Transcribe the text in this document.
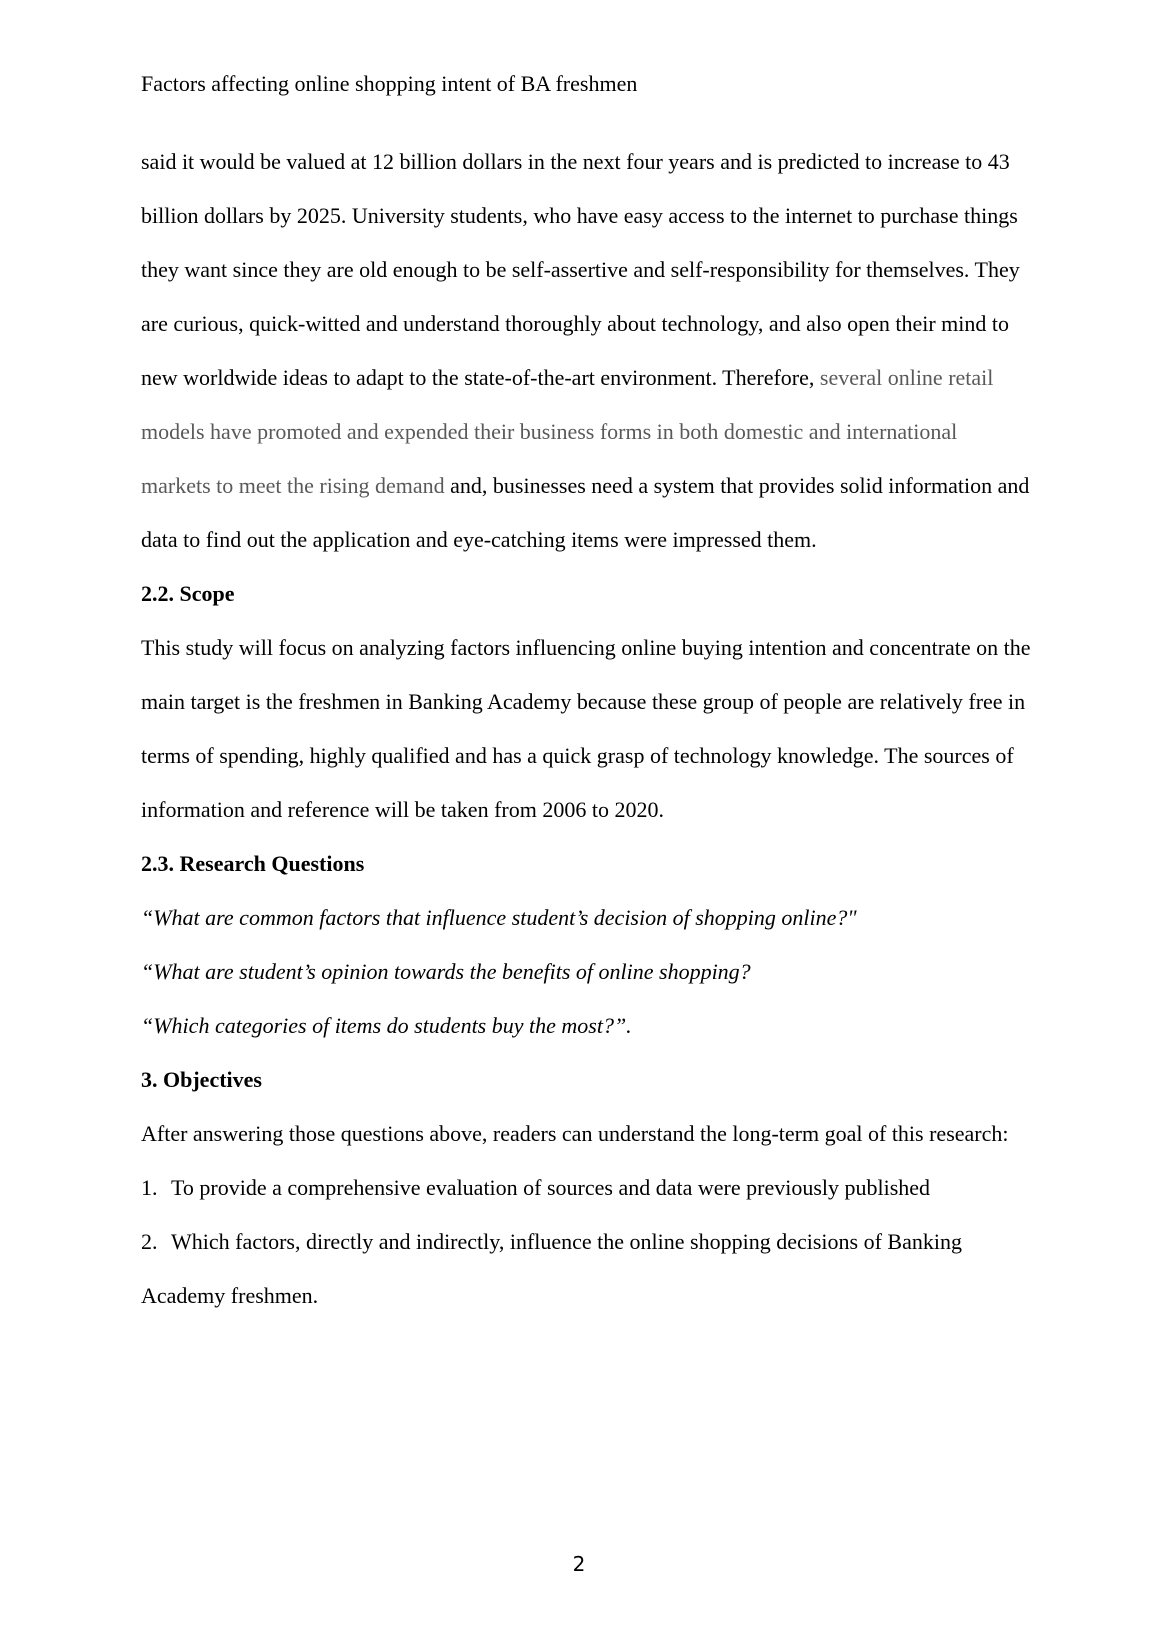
Factors affecting online shopping intent of BA freshmen

said it would be valued at 12 billion dollars in the next four years and is predicted to increase to 43 billion dollars by 2025. University students, who have easy access to the internet to purchase things they want since they are old enough to be self-assertive and self-responsibility for themselves. They are curious, quick-witted and understand thoroughly about technology, and also open their mind to new worldwide ideas to adapt to the state-of-the-art environment. Therefore, several online retail models have promoted and expended their business forms in both domestic and international markets to meet the rising demand and, businesses need a system that provides solid information and data to find out the application and eye-catching items were impressed them.

2.2. Scope

This study will focus on analyzing factors influencing online buying intention and concentrate on the main target is the freshmen in Banking Academy because these group of people are relatively free in terms of spending, highly qualified and has a quick grasp of technology knowledge. The sources of information and reference will be taken from 2006 to 2020.

2.3. Research Questions

“What are common factors that influence student’s decision of shopping online?"

“What are student’s opinion towards the benefits of online shopping?

“Which categories of items do students buy the most?”.

3. Objectives

After answering those questions above, readers can understand the long-term goal of this research:

1. To provide a comprehensive evaluation of sources and data were previously published

2. Which factors, directly and indirectly, influence the online shopping decisions of Banking Academy freshmen.

2
